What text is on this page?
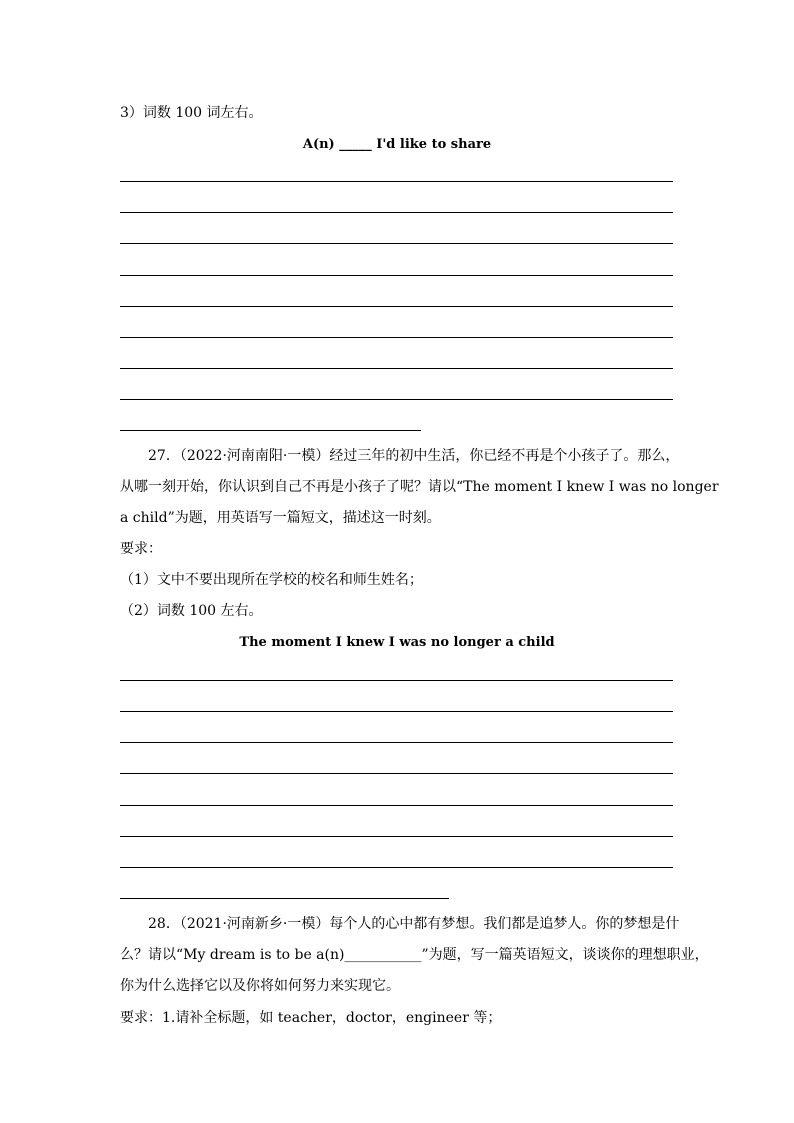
3）词数 100 词左右。
A(n) _____ I'd like to share
27．（2022·河南南阳·一模）经过三年的初中生活，你已经不再是个小孩子了。那么，
从哪一刻开始，你认识到自己不再是小孩子了呢？请以“The moment I knew I was no longer
a child”为题，用英语写一篇短文，描述这一时刻。
要求：
（1）文中不要出现所在学校的校名和师生姓名；
（2）词数 100 左右。
The moment I knew I was no longer a child
28．（2021·河南新乡·一模）每个人的心中都有梦想。我们都是追梦人。你的梦想是什
么？请以“My dream is to be a(n)___________”为题，写一篇英语短文，谈谈你的理想职业，
你为什么选择它以及你将如何努力来实现它。
要求：1.请补全标题，如 teacher，doctor，engineer 等；
